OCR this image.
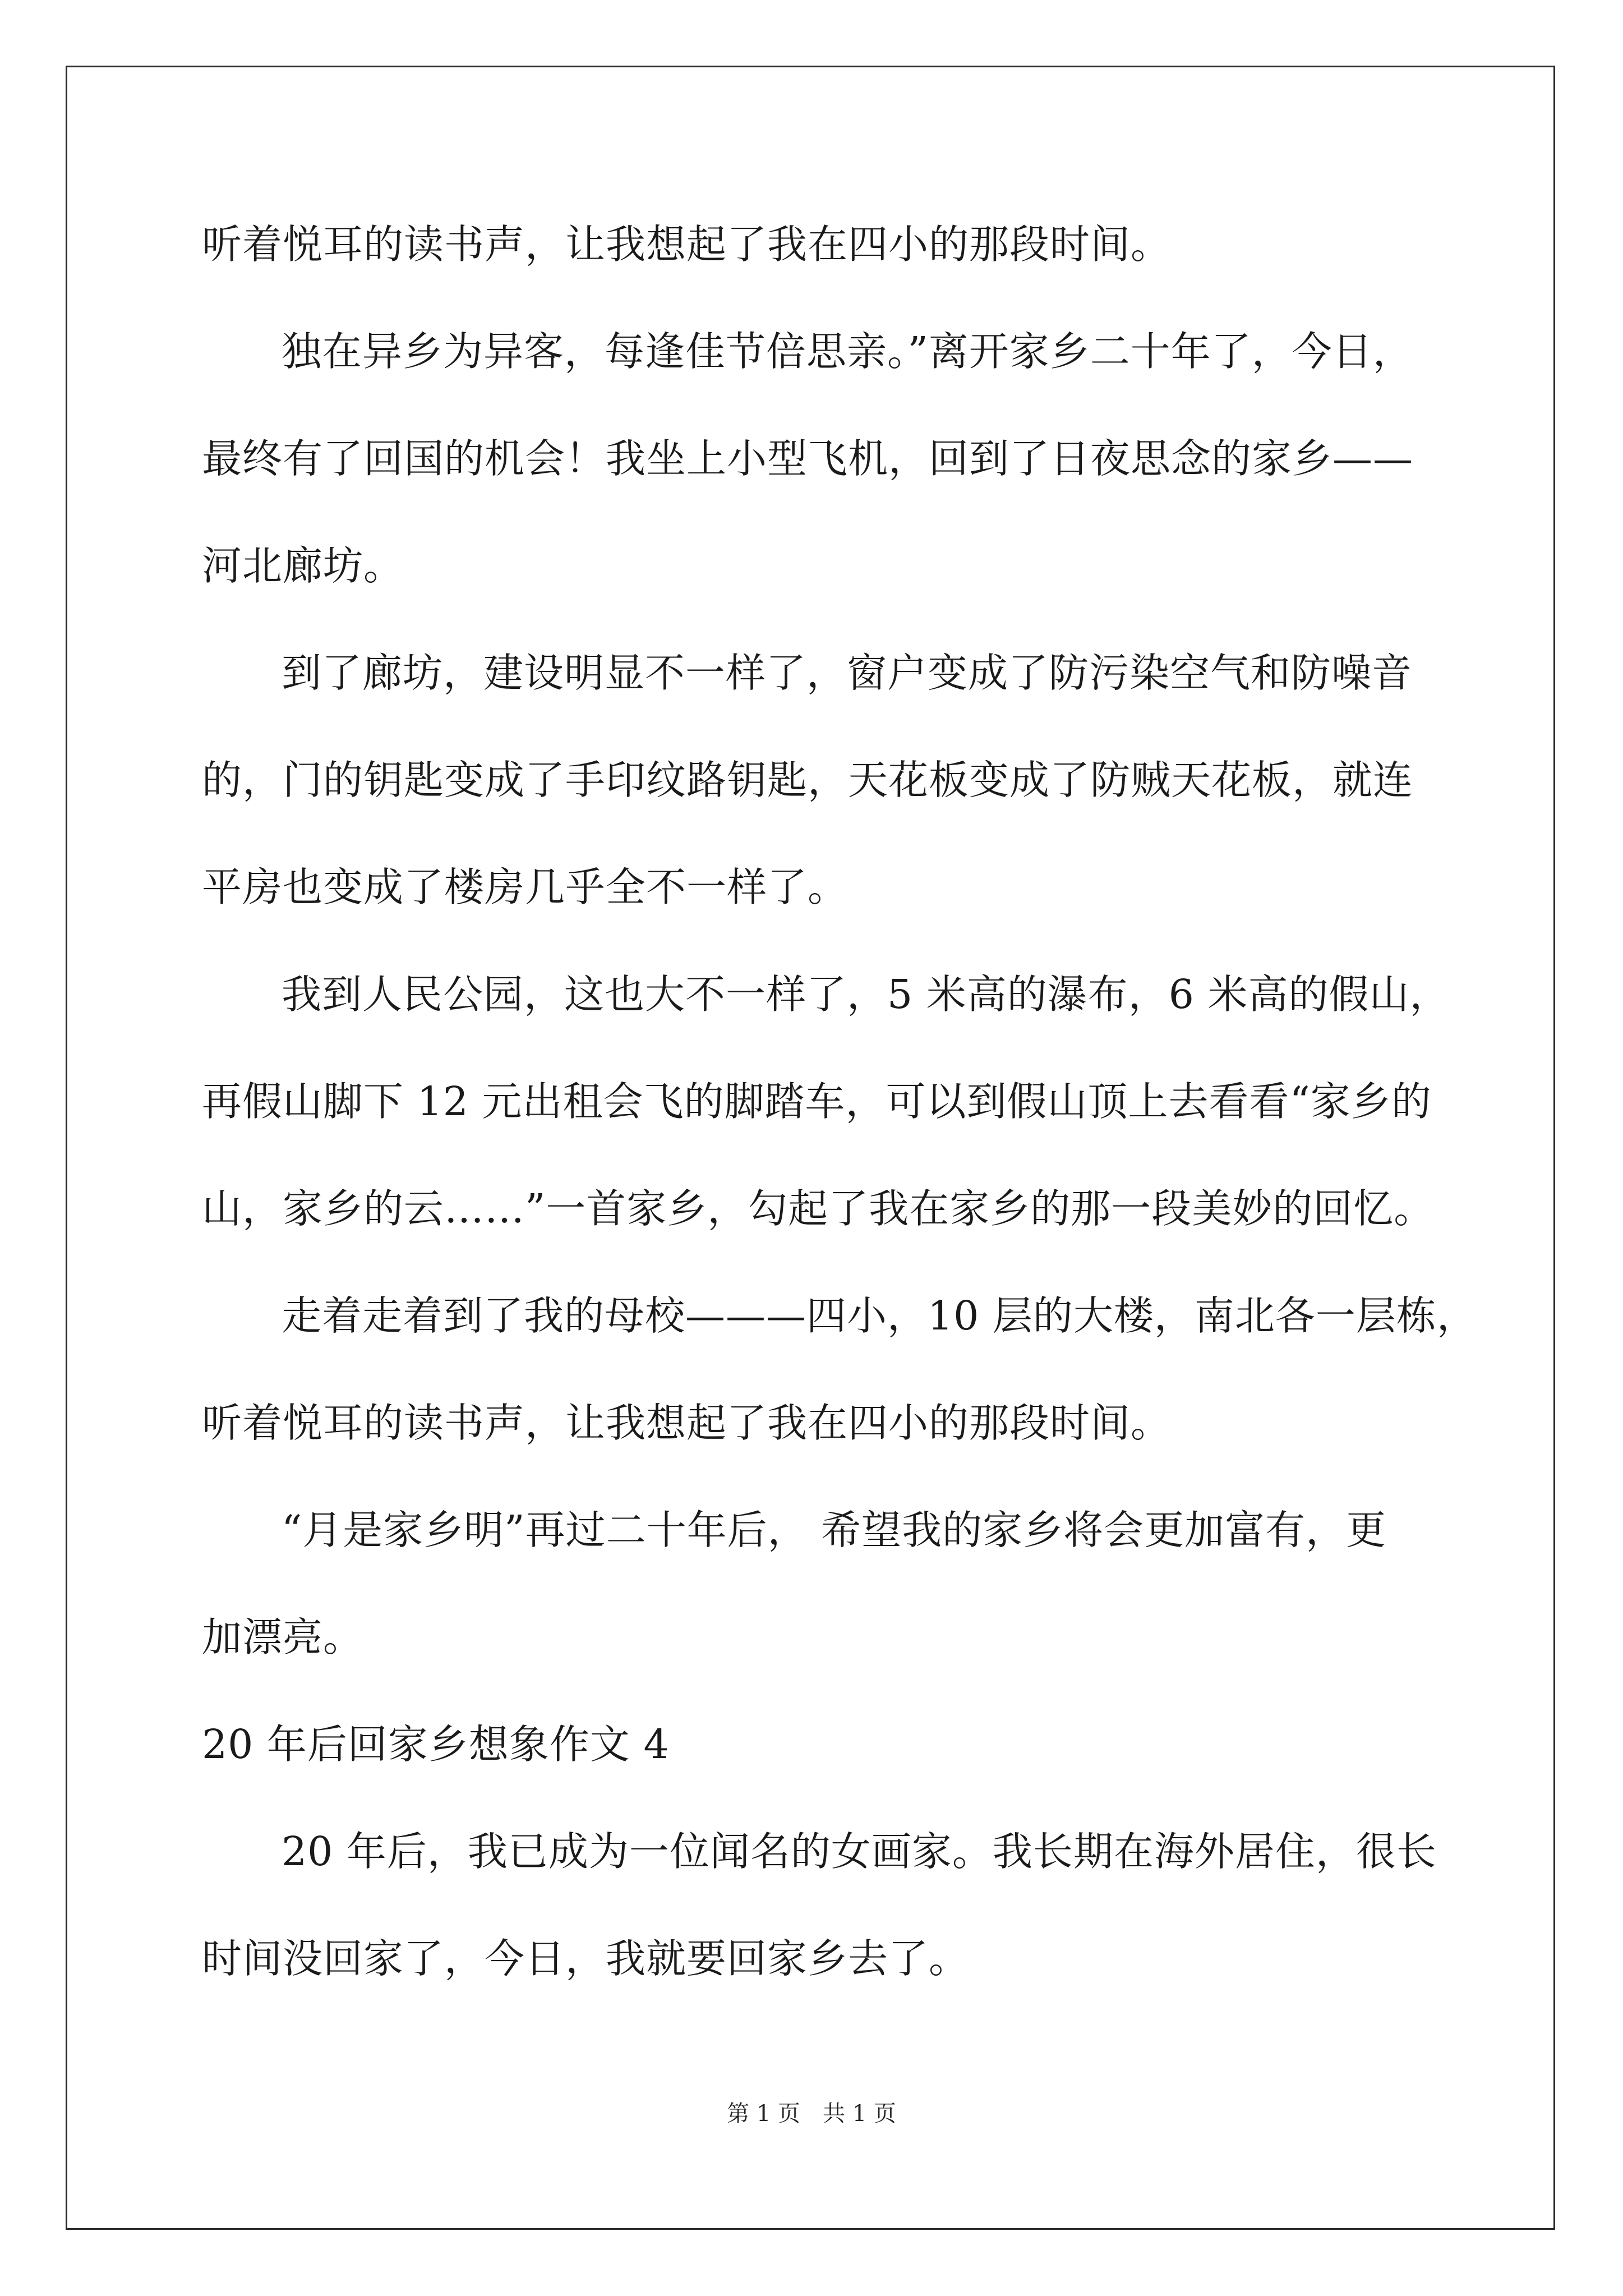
听着悦耳的读书声，让我想起了我在四小的那段时间。
独在异乡为异客，每逢佳节倍思亲。”离开家乡二十年了，今日，
最终有了回国的机会！我坐上小型飞机，回到了日夜思念的家乡——
河北廊坊。
到了廊坊，建设明显不一样了，窗户变成了防污染空气和防噪音
的，门的钥匙变成了手印纹路钥匙，天花板变成了防贼天花板，就连
平房也变成了楼房几乎全不一样了。
我到人民公园，这也大不一样了，5 米高的瀑布，6 米高的假山，
再假山脚下 12 元出租会飞的脚踏车，可以到假山顶上去看看“家乡的
山，家乡的云……”一首家乡，勾起了我在家乡的那一段美妙的回忆。
走着走着到了我的母校———四小，10 层的大楼，南北各一层栋，
听着悦耳的读书声，让我想起了我在四小的那段时间。
“月是家乡明”再过二十年后， 希望我的家乡将会更加富有，更
加漂亮。
20 年后回家乡想象作文 4
20 年后，我已成为一位闻名的女画家。我长期在海外居住，很长
时间没回家了，今日，我就要回家乡去了。
第 1 页　共 1 页
